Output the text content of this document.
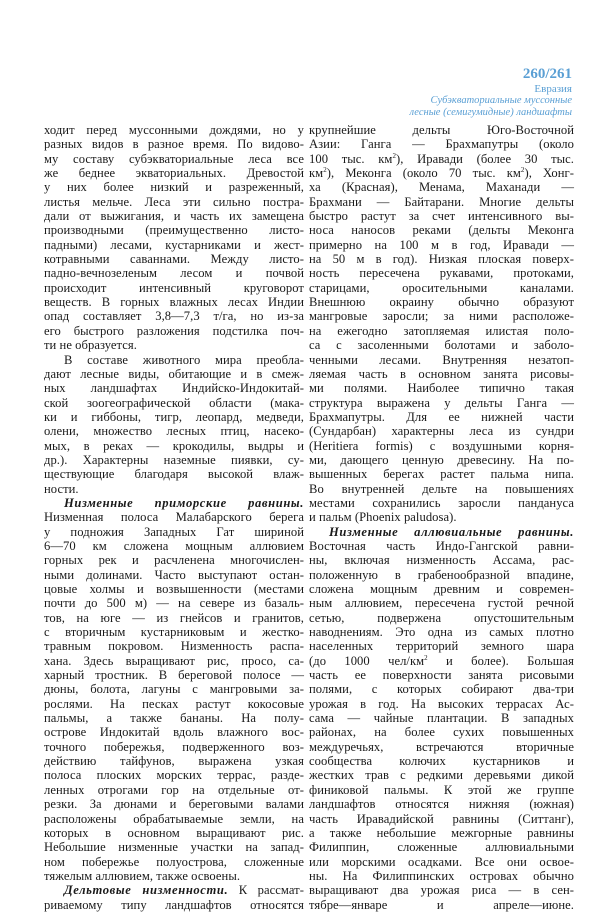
260/261
Евразия
Субэкваториальные муссонные
лесные (семигумидные) ландшафты
ходит перед муссонными дождями, но у
разных видов в разное время. По видово-
му составу субэкваториальные леса все
же беднее экваториальных. Древостой
у них более низкий и разреженный,
листья мельче. Леса эти сильно постра-
дали от выжигания, и часть их замещена
производными (преимущественно листо-
падными) лесами, кустарниками и жест-
котравными саваннами. Между листо-
падно-вечнозеленым лесом и почвой
происходит интенсивный круговорот
веществ. В горных влажных лесах Индии
опад составляет 3,8—7,3 т/га, но из-за
его быстрого разложения подстилка поч-
ти не образуется.
В составе животного мира преобла-
дают лесные виды, обитающие и в смеж-
ных ландшафтах Индийско-Индокитай-
ской зоогеографической области (мака-
ки и гиббоны, тигр, леопард, медведи,
олени, множество лесных птиц, насеко-
мых, в реках — крокодилы, выдры и
др.). Характерны наземные пиявки, су-
ществующие благодаря высокой влаж-
ности.
Низменные приморские равнины.
Низменная полоса Малабарского берега
у подножия Западных Гат шириной
6—70 км сложена мощным аллювием
горных рек и расчленена многочислен-
ными долинами. Часто выступают остан-
цовые холмы и возвышенности (местами
почти до 500 м) — на севере из базаль-
тов, на юге — из гнейсов и гранитов,
с вторичным кустарниковым и жестко-
травным покровом. Низменность распа-
хана. Здесь выращивают рис, просо, са-
харный тростник. В береговой полосе —
дюны, болота, лагуны с мангровыми за-
рослями. На песках растут кокосовые
пальмы, а также бананы. На полу-
острове Индокитай вдоль влажного вос-
точного побережья, подверженного воз-
действию тайфунов, выражена узкая
полоса плоских морских террас, разде-
ленных отрогами гор на отдельные от-
резки. За дюнами и береговыми валами
расположены обрабатываемые земли, на
которых в основном выращивают рис.
Небольшие низменные участки на запад-
ном побережье полуострова, сложенные
тяжелым аллювием, также освоены.
Дельтовые низменности. К рассмат-
риваемому типу ландшафтов относятся
крупнейшие дельты Юго-Восточной
Азии: Ганга — Брахмапутры (около
100 тыс. $км^2$), Иравади (более 30 тыс.
$км^2$), Меконга (около 70 тыс. $км^2$), Хонг-
ха (Красная), Менама, Маханади —
Брахмани — Байтарани. Многие дельты
быстро растут за счет интенсивного вы-
носа наносов реками (дельты Меконга
примерно на 100 м в год, Иравади —
на 50 м в год). Низкая плоская поверх-
ность пересечена рукавами, протоками,
старицами, оросительными каналами.
Внешнюю окраину обычно образуют
мангровые заросли; за ними расположе-
на ежегодно затопляемая илистая поло-
са с засоленными болотами и заболо-
ченными лесами. Внутренняя незатоп-
ляемая часть в основном занята рисовы-
ми полями. Наиболее типично такая
структура выражена у дельты Ганга —
Брахмапутры. Для ее нижней части
(Сундарбан) характерны леса из сундри
(Heritiera formis) с воздушными корня-
ми, дающего ценную древесину. На по-
вышенных берегах растет пальма нипа.
Во внутренней дельте на повышениях
местами сохранились заросли пандануса
и пальм (Phoenix paludosa).
Низменные аллювиальные равнины.
Восточная часть Индо-Гангской равни-
ны, включая низменность Ассама, рас-
положенную в грабенообразной впадине,
сложена мощным древним и современ-
ным аллювием, пересечена густой речной
сетью, подвержена опустошительным
наводнениям. Это одна из самых плотно
населенных территорий земного шара
(до 1000 чел/$км^2$ и более). Большая
часть ее поверхности занята рисовыми
полями, с которых собирают два-три
урожая в год. На высоких террасах Ас-
сама — чайные плантации. В западных
районах, на более сухих повышенных
междуречьях, встречаются вторичные
сообщества колючих кустарников и
жестких трав с редкими деревьями дикой
финиковой пальмы. К этой же группе
ландшафтов относятся нижняя (южная)
часть Иравадийской равнины (Ситтанг),
а также небольшие межгорные равнины
Филиппин, сложенные аллювиальными
или морскими осадками. Все они освое-
ны. На Филиппинских островах обычно
выращивают два урожая риса — в сен-
тябре—январе и апреле—июне.
